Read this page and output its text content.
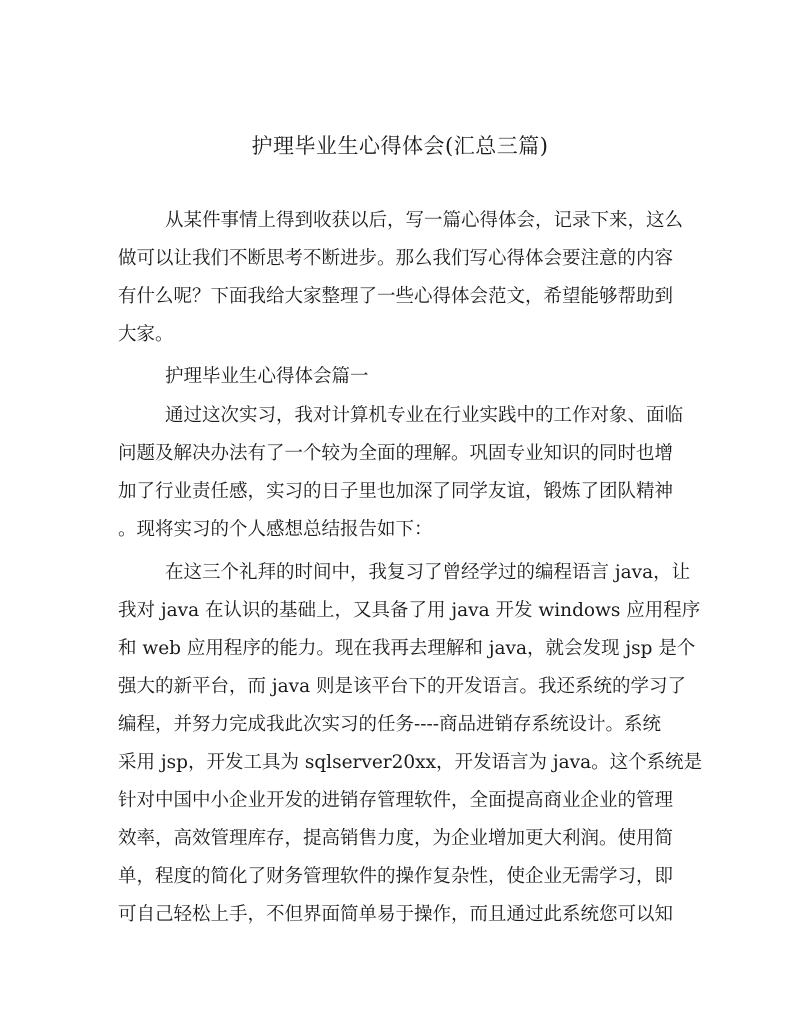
护理毕业生心得体会(汇总三篇)
从某件事情上得到收获以后，写一篇心得体会，记录下来，这么
做可以让我们不断思考不断进步。那么我们写心得体会要注意的内容
有什么呢？下面我给大家整理了一些心得体会范文，希望能够帮助到
大家。
护理毕业生心得体会篇一
通过这次实习，我对计算机专业在行业实践中的工作对象、面临
问题及解决办法有了一个较为全面的理解。巩固专业知识的同时也增
加了行业责任感，实习的日子里也加深了同学友谊，锻炼了团队精神
。现将实习的个人感想总结报告如下：
在这三个礼拜的时间中，我复习了曾经学过的编程语言 java，让
我对 java 在认识的基础上，又具备了用 java 开发 windows 应用程序
和 web 应用程序的能力。现在我再去理解和 java，就会发现 jsp 是个
强大的新平台，而 java 则是该平台下的开发语言。我还系统的学习了
编程，并努力完成我此次实习的任务----商品进销存系统设计。系统
采用 jsp，开发工具为 sqlserver20xx，开发语言为 java。这个系统是
针对中国中小企业开发的进销存管理软件，全面提高商业企业的管理
效率，高效管理库存，提高销售力度，为企业增加更大利润。使用简
单，程度的简化了财务管理软件的操作复杂性，使企业无需学习，即
可自己轻松上手，不但界面简单易于操作，而且通过此系统您可以知
